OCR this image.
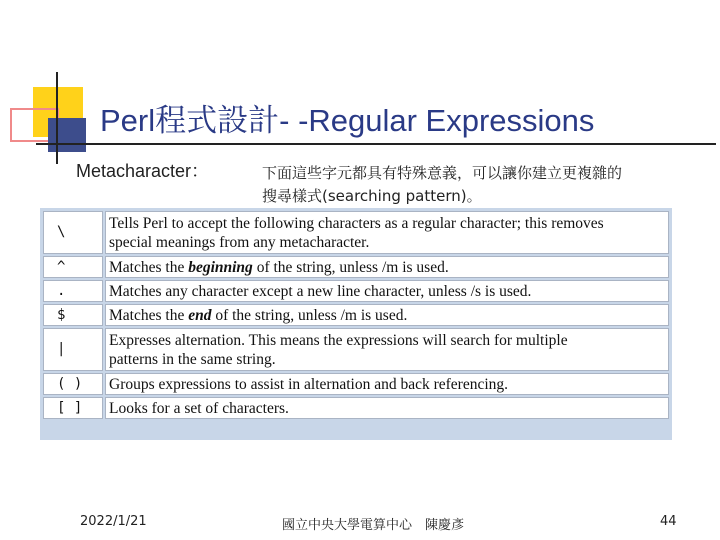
Perl程式設計- -Regular Expressions
Metacharacter：	下面這些字元都具有特殊意義，可以讓你建立更複雜的
搜尋樣式(searching pattern)。
\	Tells Perl to accept the following characters as a regular character; this removes
special meanings from any metacharacter.
^	Matches the beginning of the string, unless /m is used.
.	Matches any character except a new line character, unless /s is used.
$	Matches the end of the string, unless /m is used.
|	Expresses alternation. This means the expressions will search for multiple
patterns in the same string.
( )	Groups expressions to assist in alternation and back referencing.
[ ]	Looks for a set of characters.
2022/1/21	國立中央大學電算中心　陳慶彥	44
